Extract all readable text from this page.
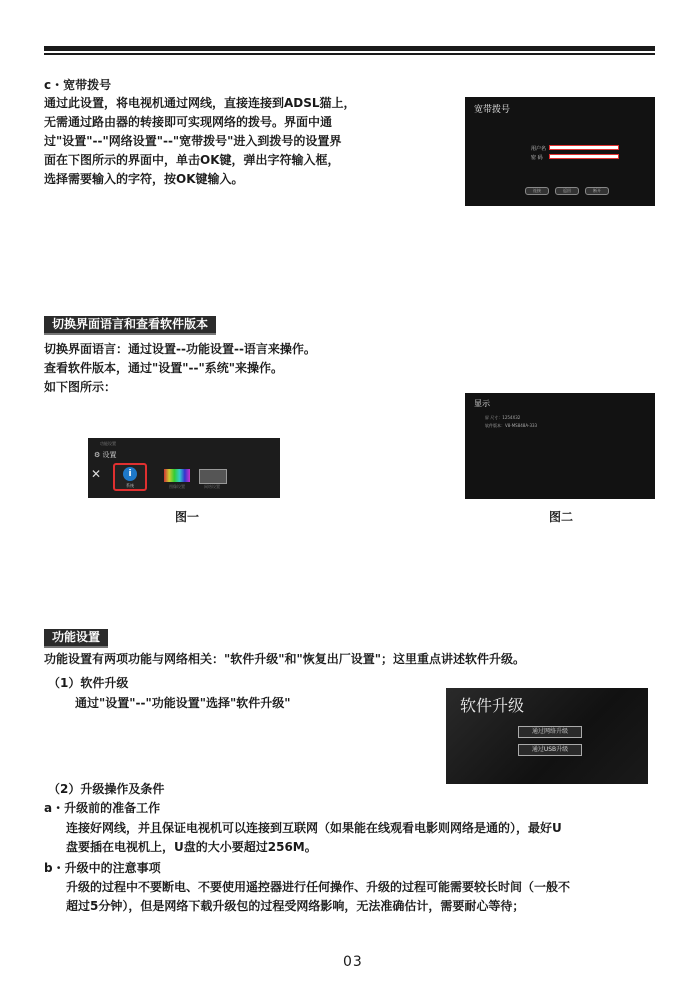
c・宽带拨号
通过此设置，将电视机通过网线，直接连接到ADSL猫上，
无需通过路由器的转接即可实现网络的拨号。界面中通
过"设置"--"网络设置"--"宽带拨号"进入到拨号的设置界
面在下图所示的界面中，单击OK键，弹出字符输入框，
选择需要输入的字符，按OK键输入。
宽带拨号
用户名
密 码
连接	返回	断开
切换界面语言和查看软件版本
切换界面语言：通过设置--功能设置--语言来操作。
查看软件版本，通过"设置"--"系统"来操作。
如下图所示：
功能设置
⚙ 设置
✕	i
系统	图像设置	网络设置
图一
显示
屏 尺寸：1254X32
软件版本：V8-MS848A-333
图二
功能设置
功能设置有两项功能与网络相关："软件升级"和"恢复出厂设置"；这里重点讲述软件升级。
（1）软件升级
通过"设置"--"功能设置"选择"软件升级"	软件升级
通过网络升级
通过USB升级
（2）升级操作及条件
a・升级前的准备工作
连接好网线，并且保证电视机可以连接到互联网（如果能在线观看电影则网络是通的），最好U
盘要插在电视机上，U盘的大小要超过256M。
b・升级中的注意事项
升级的过程中不要断电、不要使用遥控器进行任何操作、升级的过程可能需要较长时间（一般不
超过5分钟），但是网络下载升级包的过程受网络影响，无法准确估计，需要耐心等待；
03
